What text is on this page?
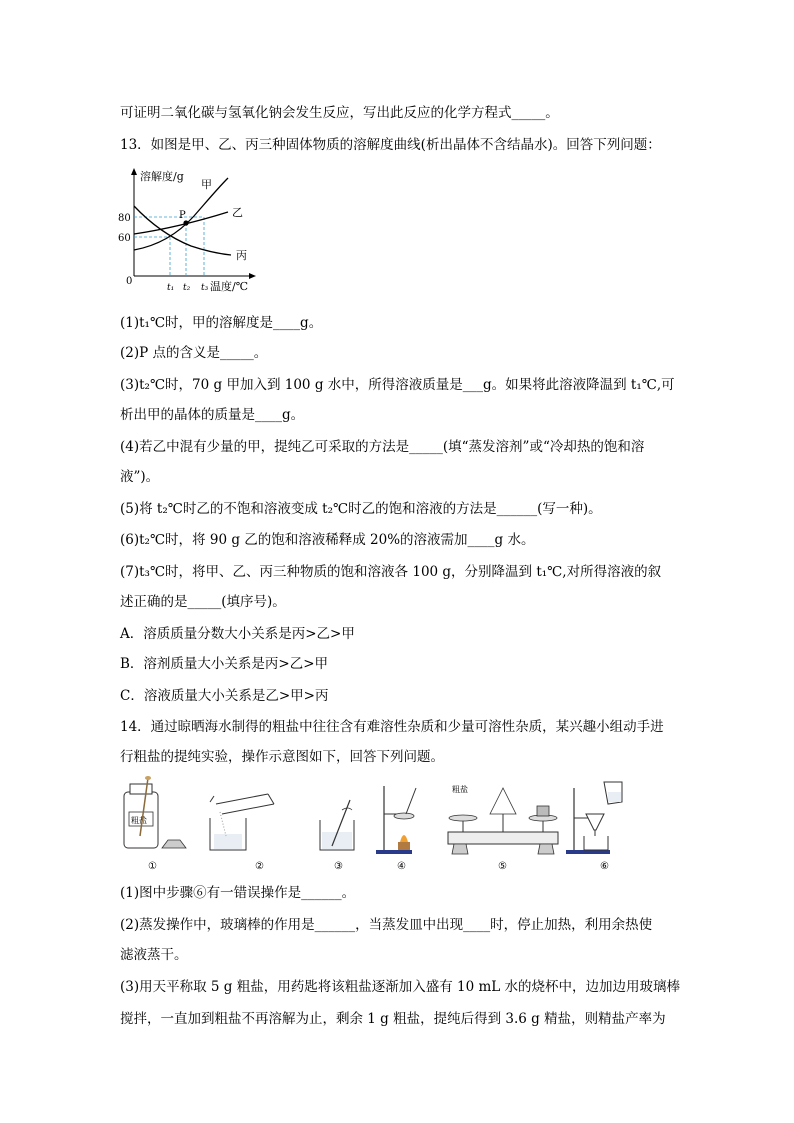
可证明二氧化碳与氢氧化钠会发生反应，写出此反应的化学方程式_____。
13．如图是甲、乙、丙三种固体物质的溶解度曲线(析出晶体不含结晶水)。回答下列问题：
溶解度/g
温度/℃
80
60
0
t₁ t₂ t₃
P
甲
乙
丙
(1)t₁℃时，甲的溶解度是____g。
(2)P 点的含义是_____。
(3)t₂℃时，70 g 甲加入到 100 g 水中，所得溶液质量是___g。如果将此溶液降温到 t₁℃,可
析出甲的晶体的质量是____g。
(4)若乙中混有少量的甲，提纯乙可采取的方法是_____(填“蒸发溶剂”或“冷却热的饱和溶
液”)。
(5)将 t₂℃时乙的不饱和溶液变成 t₂℃时乙的饱和溶液的方法是______(写一种)。
(6)t₂℃时，将 90 g 乙的饱和溶液稀释成 20%的溶液需加____g 水。
(7)t₃℃时，将甲、乙、丙三种物质的饱和溶液各 100 g，分别降温到 t₁℃,对所得溶液的叙
述正确的是_____(填序号)。
A．溶质质量分数大小关系是丙>乙>甲
B．溶剂质量大小关系是丙>乙>甲
C．溶液质量大小关系是乙>甲>丙
14．通过晾晒海水制得的粗盐中往往含有难溶性杂质和少量可溶性杂质，某兴趣小组动手进
行粗盐的提纯实验，操作示意图如下，回答下列问题。
粗盐
①	②	③	④
粗盐
⑤	⑥
(1)图中步骤⑥有一错误操作是______。
(2)蒸发操作中，玻璃棒的作用是______，当蒸发皿中出现____时，停止加热，利用余热使
滤液蒸干。
(3)用天平称取 5 g 粗盐，用药匙将该粗盐逐渐加入盛有 10 mL 水的烧杯中，边加边用玻璃棒
搅拌，一直加到粗盐不再溶解为止，剩余 1 g 粗盐，提纯后得到 3.6 g 精盐，则精盐产率为
